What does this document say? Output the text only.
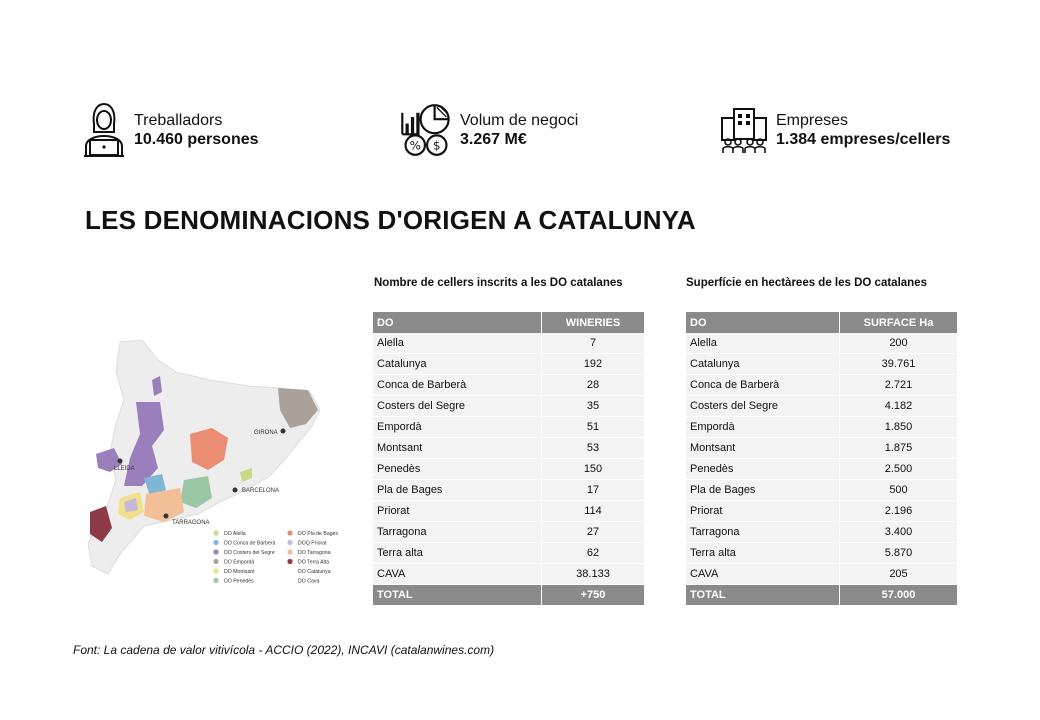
Treballadors
10.460 persones	% $
Volum de negoci
3.267 M€
Empreses
1.384 empreses/cellers
LES DENOMINACIONS D'ORIGEN A CATALUNYA
GIRONA
LLEIDA
BARCELONA
TARRAGONA
DO Alella
DO Conca de Barberà
DO Costers del Segre
DO Empordà
DO Montsant
DO Penedès
DO Pla de Bages
DOQ Priorat
DO Tarragona
DO Terra Alta
DO Catalunya
DO Cava
Nombre de cellers inscrits a les DO catalanes
DO	WINERIES
Alella	7
Catalunya	192
Conca de Barberà	28
Costers del Segre	35
Empordà	51
Montsant	53
Penedès	150
Pla de Bages	17
Priorat	114
Tarragona	27
Terra alta	62
CAVA	38.133
TOTAL	+750
Superfície en hectàrees de les DO catalanes
DO	SURFACE Ha
Alella	200
Catalunya	39.761
Conca de Barberà	2.721
Costers del Segre	4.182
Empordà	1.850
Montsant	1.875
Penedès	2.500
Pla de Bages	500
Priorat	2.196
Tarragona	3.400
Terra alta	5.870
CAVA	205
TOTAL	57.000
Font: La cadena de valor vitivícola - ACCIO (2022), INCAVI (catalanwines.com)
